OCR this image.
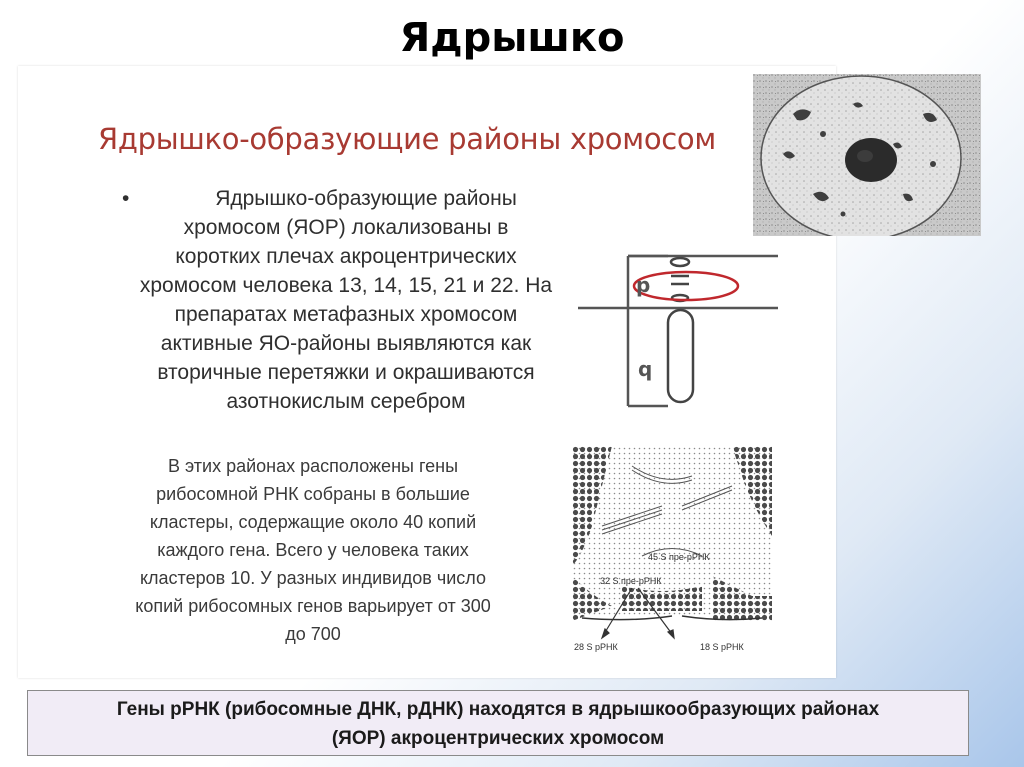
Ядрышко
Ядрышко-образующие районы хромосом
•	Ядрышко-образующие районы
хромосом (ЯОР) локализованы в
коротких плечах акроцентрических
хромосом человека 13, 14, 15, 21 и 22. На
препаратах метафазных хромосом
активные ЯО-районы выявляются как
вторичные перетяжки и окрашиваются
азотнокислым серебром
В этих районах расположены гены
рибосомной РНК собраны в большие
кластеры, содержащие около 40 копий
каждого гена. Всего у человека таких
кластеров 10. У разных индивидов число
копий рибосомных генов варьирует от 300
до 700
p
q
45 S пре-рРНК
32 S пре-рРНК
28 S рРНК	18 S рРНК
Гены рРНК (рибосомные ДНК, рДНК) находятся в ядрышкообразующих районах
(ЯОР) акроцентрических хромосом
